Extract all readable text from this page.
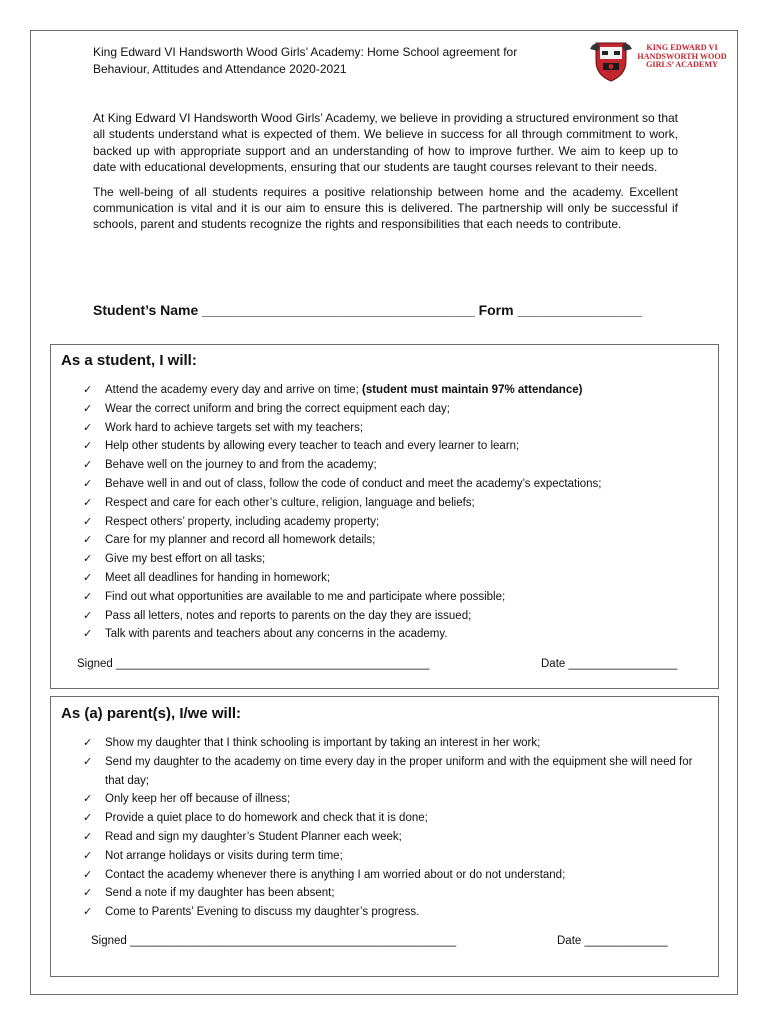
King Edward VI Handsworth Wood Girls’ Academy: Home School agreement for Behaviour, Attitudes and Attendance 2020-2021
KING EDWARD VI
HANDSWORTH WOOD
GIRLS’ ACADEMY

At King Edward VI Handsworth Wood Girls’ Academy, we believe in providing a structured environment so that all students understand what is expected of them. We believe in success for all through commitment to work, backed up with appropriate support and an understanding of how to improve further. We aim to keep up to date with educational developments, ensuring that our students are taught courses relevant to their needs.

The well-being of all students requires a positive relationship between home and the academy. Excellent communication is vital and it is our aim to ensure this is delivered. The partnership will only be successful if schools, parent and students recognize the rights and responsibilities that each needs to contribute.

Student’s Name ___________________________________ Form ________________
As a student, I will:
✓ Attend the academy every day and arrive on time; (student must maintain 97% attendance)
✓ Wear the correct uniform and bring the correct equipment each day;
✓ Work hard to achieve targets set with my teachers;
✓ Help other students by allowing every teacher to teach and every learner to learn;
✓ Behave well on the journey to and from the academy;
✓ Behave well in and out of class, follow the code of conduct and meet the academy’s expectations;
✓ Respect and care for each other’s culture, religion, language and beliefs;
✓ Respect others’ property, including academy property;
✓ Care for my planner and record all homework details;
✓ Give my best effort on all tasks;
✓ Meet all deadlines for handing in homework;
✓ Find out what opportunities are available to me and participate where possible;
✓ Pass all letters, notes and reports to parents on the day they are issued;
✓ Talk with parents and teachers about any concerns in the academy.
Signed _________________________________________________	Date _________________
As (a) parent(s), I/we will:
✓ Show my daughter that I think schooling is important by taking an interest in her work;
✓ Send my daughter to the academy on time every day in the proper uniform and with the equipment she will need for that day;
✓ Only keep her off because of illness;
✓ Provide a quiet place to do homework and check that it is done;
✓ Read and sign my daughter’s Student Planner each week;
✓ Not arrange holidays or visits during term time;
✓ Contact the academy whenever there is anything I am worried about or do not understand;
✓ Send a note if my daughter has been absent;
✓ Come to Parents’ Evening to discuss my daughter’s progress.
Signed ___________________________________________________	Date _____________
